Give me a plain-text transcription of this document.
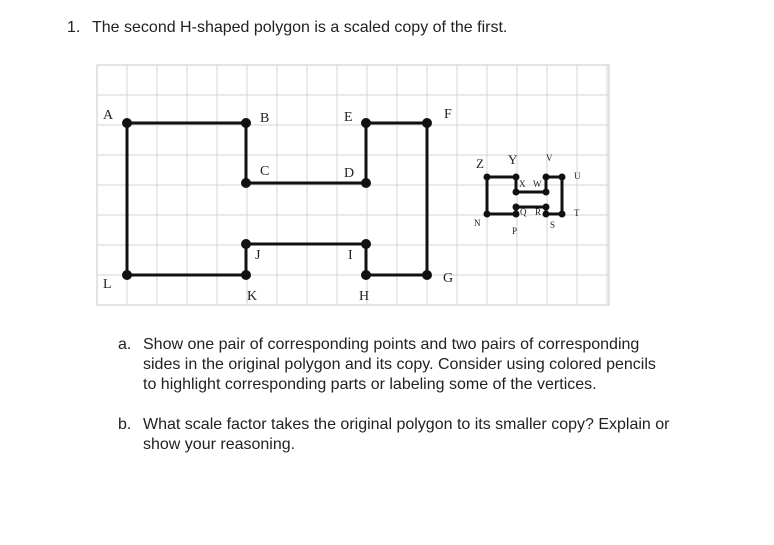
1. The second H-shaped polygon is a scaled copy of the first.
A	B
C	D
E	F
G
H
I
J
K
L
Z Y
X W
V
U
T
S
R
Q
P
N
a. Show one pair of corresponding points and two pairs of corresponding
sides in the original polygon and its copy. Consider using colored pencils
to highlight corresponding parts or labeling some of the vertices.
b. What scale factor takes the original polygon to its smaller copy? Explain or
show your reasoning.
